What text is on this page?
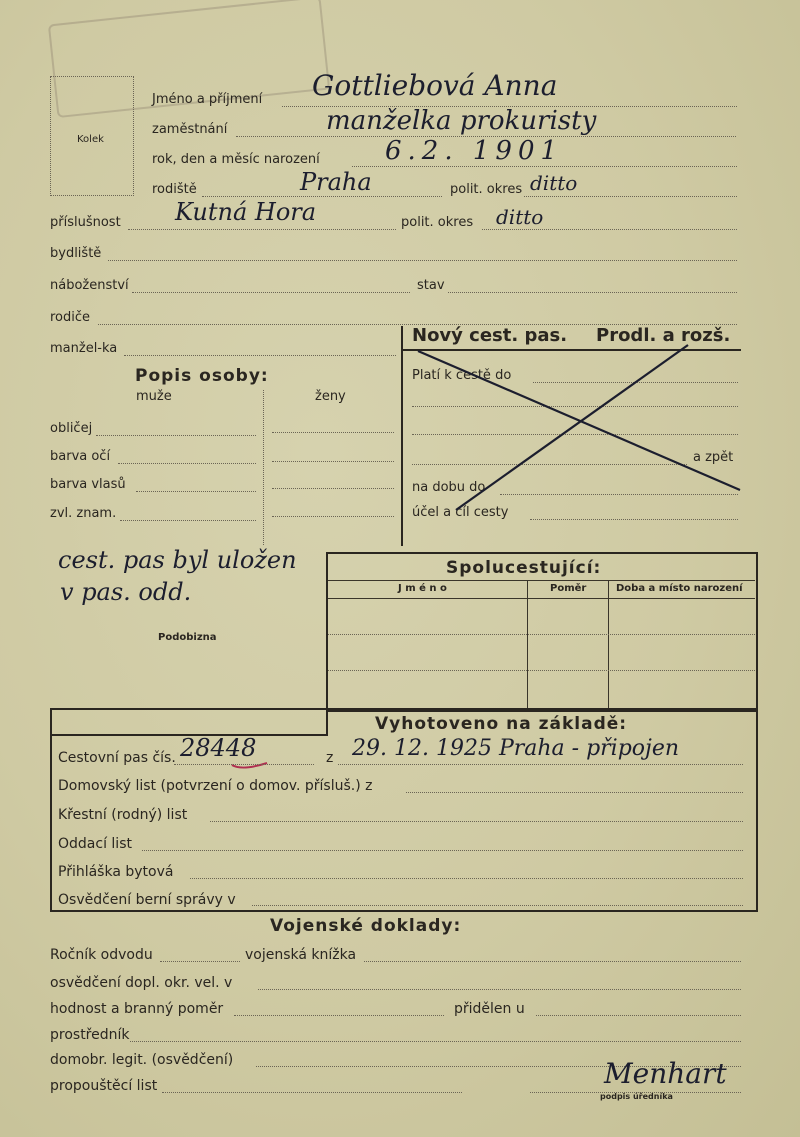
Kolek
Jméno a příjmení Gottliebová Anna
zaměstnání	manželka prokuristy
rok, den a měsíc narození	6.2. 1901
rodiště	Praha	polit. okres ditto
příslušnost Kutná Hora	polit. okres ditto
bydliště
náboženství	stav
rodiče
manžel-ka
Popis osoby:
muže	ženy
obličej
barva očí
barva vlasů
zvl. znam.
Nový cest. pas. Prodl. a rozš.
Platí k cestě do
a zpět
na dobu do
účel a cíl cesty
cest. pas byl uložen
v pas. odd.
Podobizna
Spolucestující:
J m é n o	Poměr	Doba a místo narození
Vyhotoveno na základě:
Cestovní pas čís. 28448	z 29. 12. 1925 Praha - připojen
Domovský list (potvrzení o domov. přísluš.) z
Křestní (rodný) list
Oddací list
Přihláška bytová
Osvědčení berní správy v
Vojenské doklady:
Ročník odvodu	vojenská knížka
osvědčení dopl. okr. vel. v
hodnost a branný poměr	přidělen u
prostředník
domobr. legit. (osvědčení)
propouštěcí list	Menhart
podpis úředníka
